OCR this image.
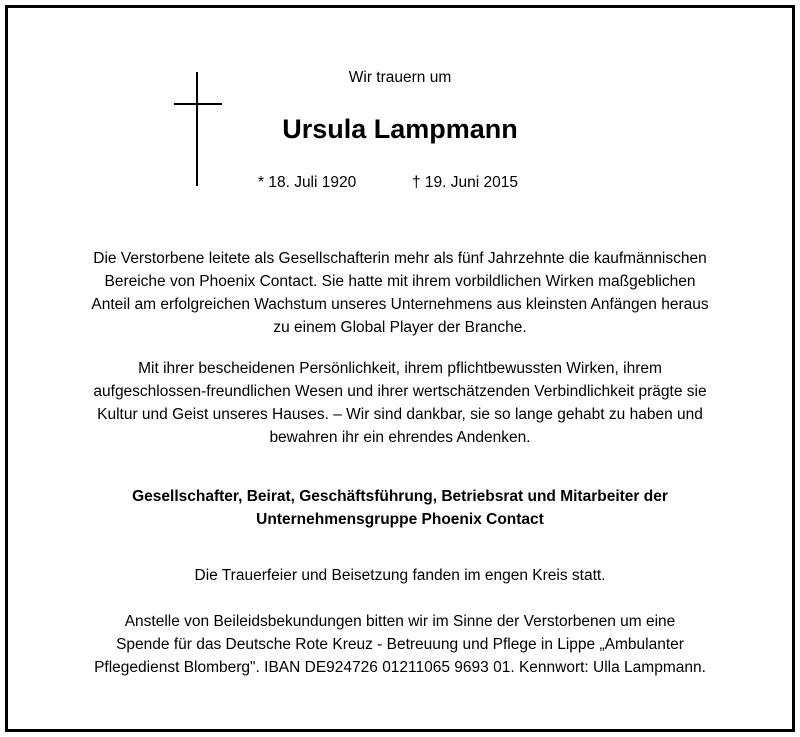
Wir trauern um
Ursula Lampmann
* 18. Juli 1920	† 19. Juni 2015
Die Verstorbene leitete als Gesellschafterin mehr als fünf Jahrzehnte die kaufmännischen
Bereiche von Phoenix Contact. Sie hatte mit ihrem vorbildlichen Wirken maßgeblichen
Anteil am erfolgreichen Wachstum unseres Unternehmens aus kleinsten Anfängen heraus
zu einem Global Player der Branche.
Mit ihrer bescheidenen Persönlichkeit, ihrem pflichtbewussten Wirken, ihrem
aufgeschlossen-freundlichen Wesen und ihrer wertschätzenden Verbindlichkeit prägte sie
Kultur und Geist unseres Hauses. – Wir sind dankbar, sie so lange gehabt zu haben und
bewahren ihr ein ehrendes Andenken.
Gesellschafter, Beirat, Geschäftsführung, Betriebsrat und Mitarbeiter der
Unternehmensgruppe Phoenix Contact
Die Trauerfeier und Beisetzung fanden im engen Kreis statt.
Anstelle von Beileidsbekundungen bitten wir im Sinne der Verstorbenen um eine
Spende für das Deutsche Rote Kreuz - Betreuung und Pflege in Lippe „Ambulanter
Pflegedienst Blomberg". IBAN DE924726 01211065 9693 01. Kennwort: Ulla Lampmann.
